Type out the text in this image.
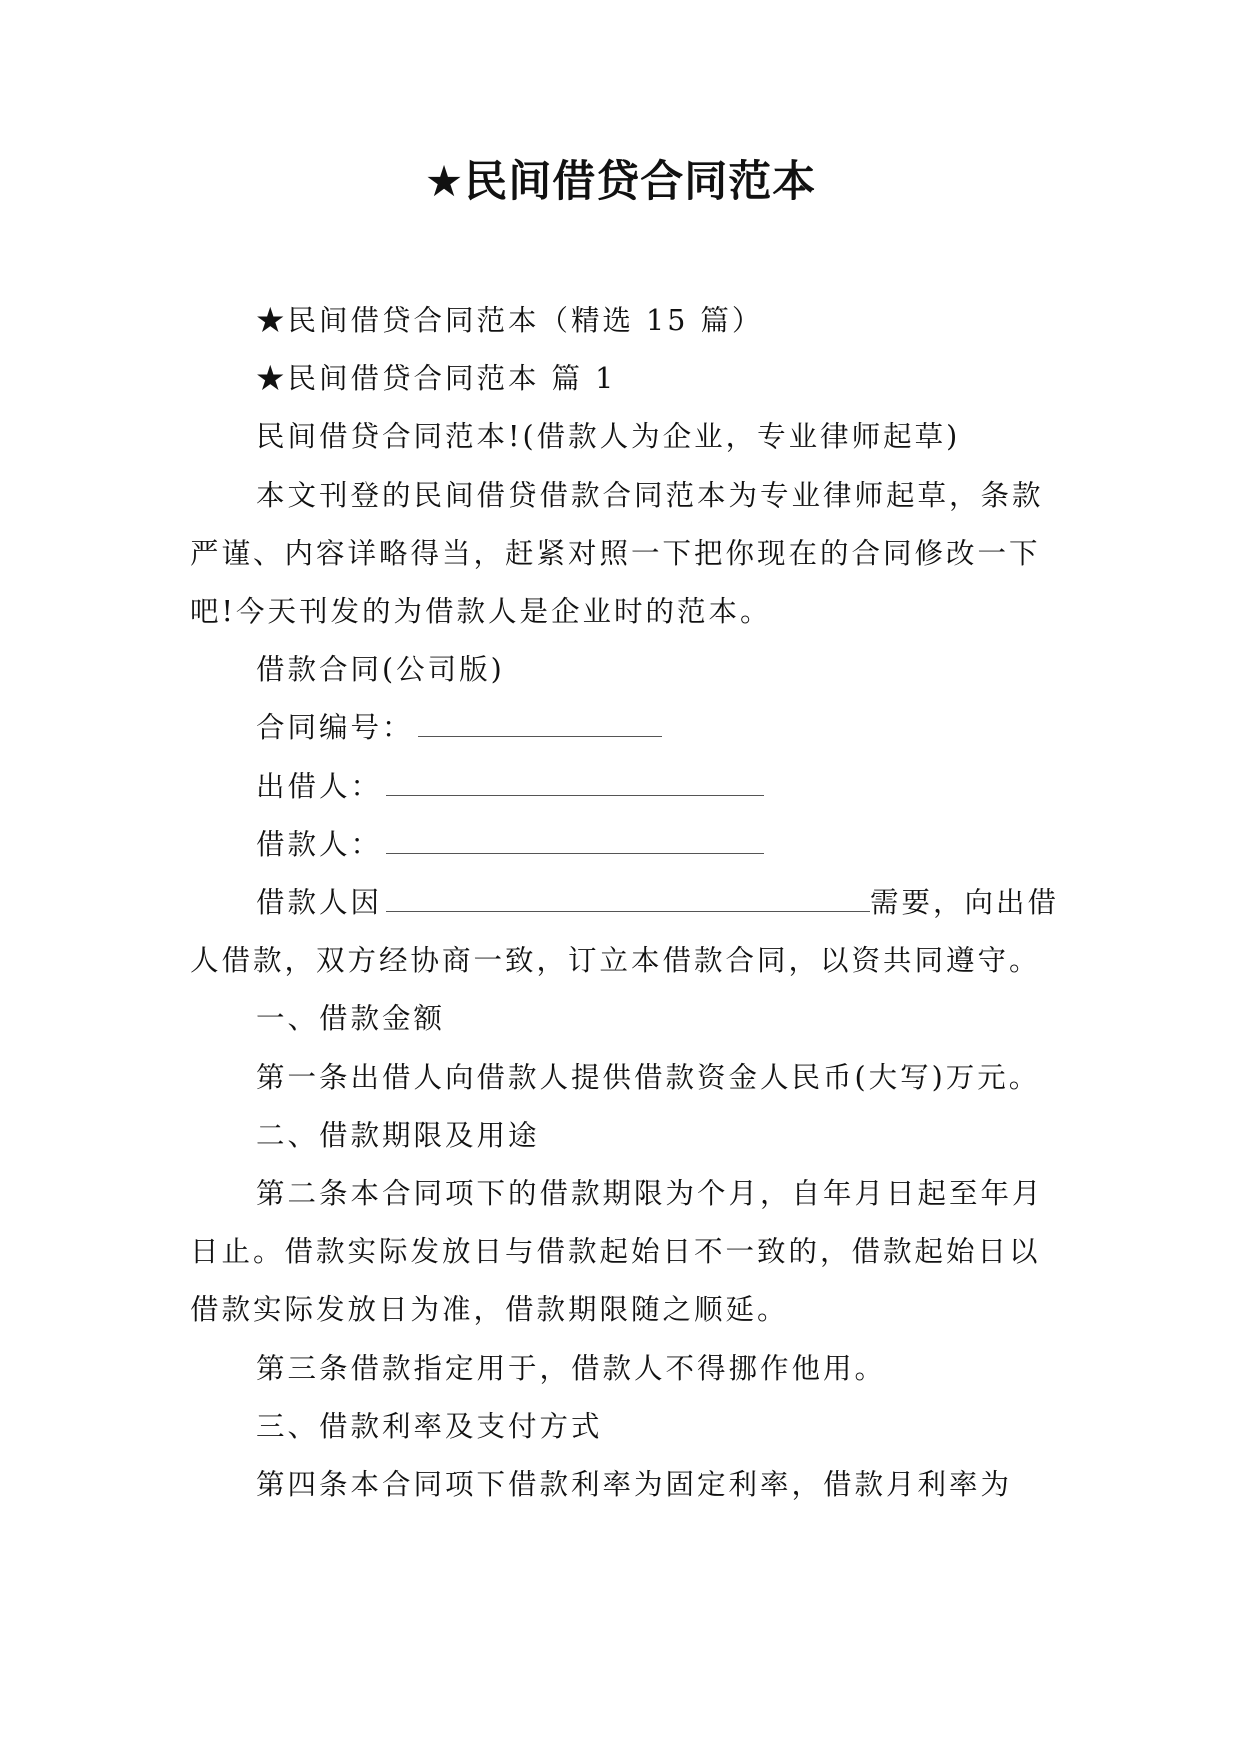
★民间借贷合同范本

★民间借贷合同范本（精选 15 篇）

★民间借贷合同范本 篇 1

民间借贷合同范本!(借款人为企业，专业律师起草)

本文刊登的民间借贷借款合同范本为专业律师起草，条款严谨、内容详略得当，赶紧对照一下把你现在的合同修改一下吧!今天刊发的为借款人是企业时的范本。

借款合同(公司版)

合同编号：

出借人：

借款人：

借款人因	需要，向出借人借款，双方经协商一致，订立本借款合同，以资共同遵守。

一、借款金额

第一条出借人向借款人提供借款资金人民币(大写)万元。

二、借款期限及用途

第二条本合同项下的借款期限为个月，自年月日起至年月日止。借款实际发放日与借款起始日不一致的，借款起始日以借款实际发放日为准，借款期限随之顺延。

第三条借款指定用于，借款人不得挪作他用。

三、借款利率及支付方式

第四条本合同项下借款利率为固定利率，借款月利率为
